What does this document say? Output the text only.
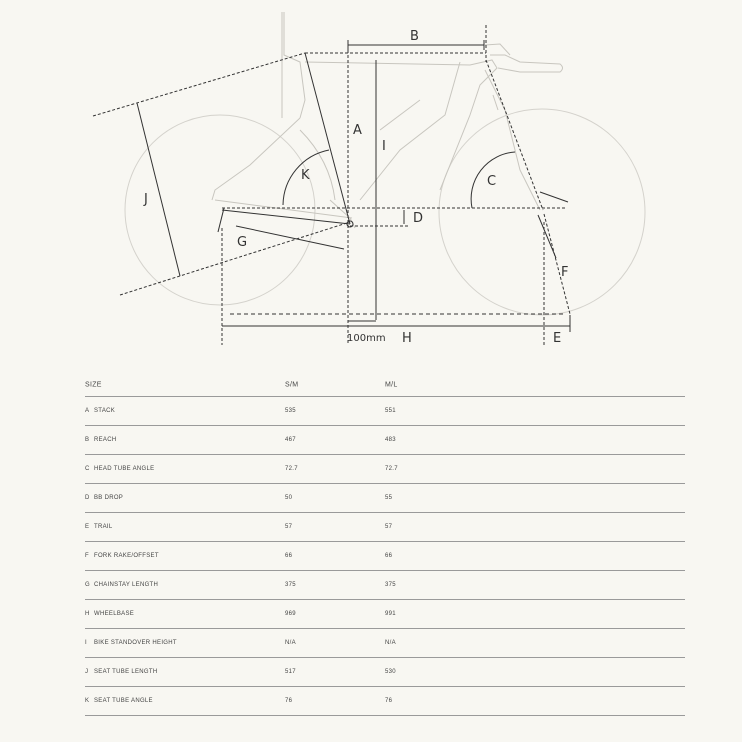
A
B
C
D
E
F
G
H
I
J
K
100mm
SIZE	S/M	M/L
A STACK	535	551
B REACH	467	483
C HEAD TUBE ANGLE	72.7	72.7
D BB DROP	50	55
E TRAIL	57	57
F FORK RAKE/OFFSET	66	66
G CHAINSTAY LENGTH	375	375
H WHEELBASE	969	991
I BIKE STANDOVER HEIGHT	N/A	N/A
J SEAT TUBE LENGTH	517	530
K SEAT TUBE ANGLE	76	76
